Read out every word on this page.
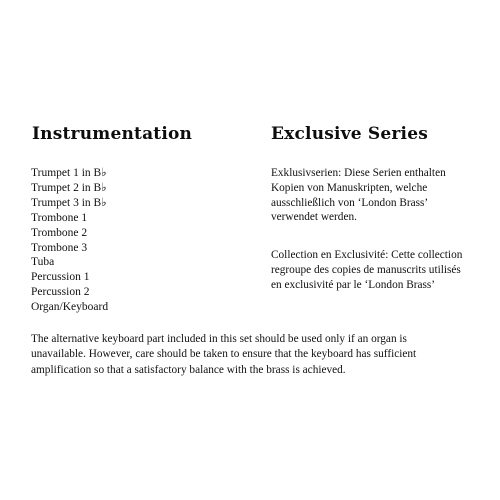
Instrumentation
Trumpet 1 in B♭
Trumpet 2 in B♭
Trumpet 3 in B♭
Trombone 1
Trombone 2
Trombone 3
Tuba
Percussion 1
Percussion 2
Organ/Keyboard
Exclusive Series

Exklusivserien: Diese Serien enthalten
Kopien von Manuskripten, welche
ausschließlich von ‘London Brass’
verwendet werden.

Collection en Exclusivité: Cette collection
regroupe des copies de manuscrits utilisés
en exclusivité par le ‘London Brass’

The alternative keyboard part included in this set should be used only if an organ is
unavailable. However, care should be taken to ensure that the keyboard has sufficient
amplification so that a satisfactory balance with the brass is achieved.
